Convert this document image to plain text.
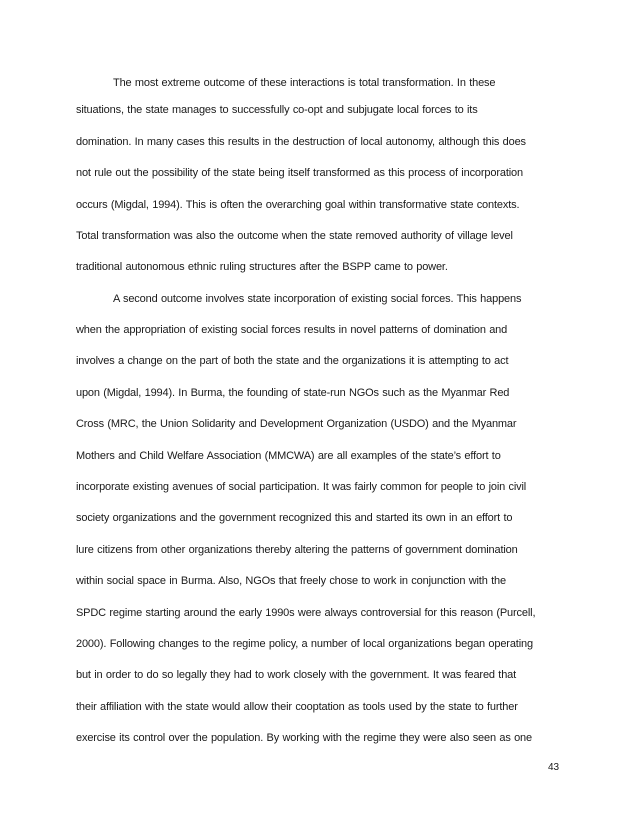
The most extreme outcome of these interactions is total transformation. In these
situations, the state manages to successfully co-opt and subjugate local forces to its
domination. In many cases this results in the destruction of local autonomy, although this does
not rule out the possibility of the state being itself transformed as this process of incorporation
occurs (Migdal, 1994). This is often the overarching goal within transformative state contexts.
Total transformation was also the outcome when the state removed authority of village level
traditional autonomous ethnic ruling structures after the BSPP came to power.
A second outcome involves state incorporation of existing social forces. This happens
when the appropriation of existing social forces results in novel patterns of domination and
involves a change on the part of both the state and the organizations it is attempting to act
upon (Migdal, 1994). In Burma, the founding of state-run NGOs such as the Myanmar Red
Cross (MRC, the Union Solidarity and Development Organization (USDO) and the Myanmar
Mothers and Child Welfare Association (MMCWA) are all examples of the state’s effort to
incorporate existing avenues of social participation. It was fairly common for people to join civil
society organizations and the government recognized this and started its own in an effort to
lure citizens from other organizations thereby altering the patterns of government domination
within social space in Burma. Also, NGOs that freely chose to work in conjunction with the
SPDC regime starting around the early 1990s were always controversial for this reason (Purcell,
2000). Following changes to the regime policy, a number of local organizations began operating
but in order to do so legally they had to work closely with the government. It was feared that
their affiliation with the state would allow their cooptation as tools used by the state to further
exercise its control over the population. By working with the regime they were also seen as one
43
